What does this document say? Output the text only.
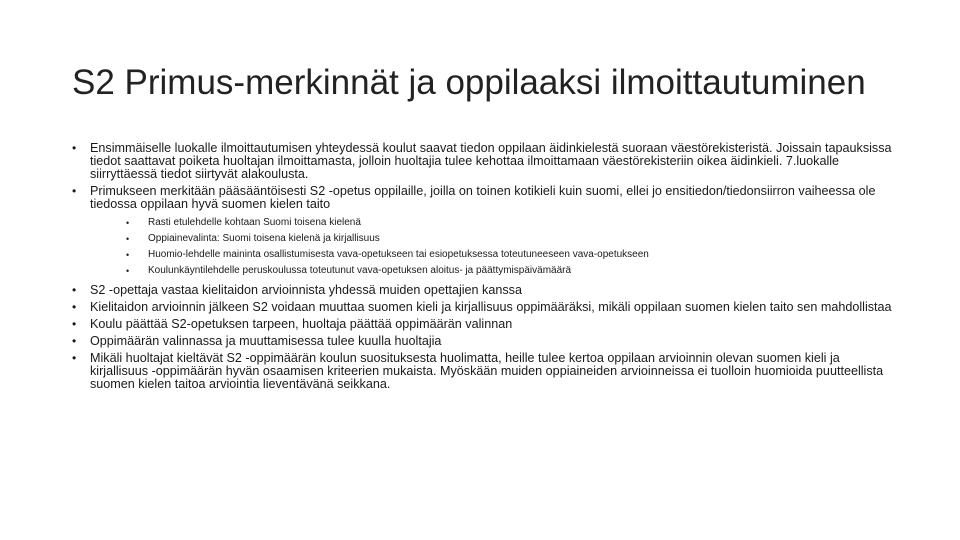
S2 Primus-merkinnät ja oppilaaksi ilmoittautuminen
• Ensimmäiselle luokalle ilmoittautumisen yhteydessä koulut saavat tiedon oppilaan äidinkielestä suoraan väestörekisteristä. Joissain tapauksissa tiedot saattavat poiketa huoltajan ilmoittamasta, jolloin huoltajia tulee kehottaa ilmoittamaan väestörekisteriin oikea äidinkieli. 7.luokalle siirryttäessä tiedot siirtyvät alakoulusta.
• Primukseen merkitään pääsääntöisesti S2 -opetus oppilaille, joilla on toinen kotikieli kuin suomi, ellei jo ensitiedon/tiedonsiirron vaiheessa ole tiedossa oppilaan hyvä suomen kielen taito
• Rasti etulehdelle kohtaan Suomi toisena kielenä
• Oppiainevalinta: Suomi toisena kielenä ja kirjallisuus
• Huomio-lehdelle maininta osallistumisesta vava-opetukseen tai esiopetuksessa toteutuneeseen vava-opetukseen
• Koulunkäyntilehdelle peruskoulussa toteutunut vava-opetuksen aloitus- ja päättymispäivämäärä
• S2 -opettaja vastaa kielitaidon arvioinnista yhdessä muiden opettajien kanssa
• Kielitaidon arvioinnin jälkeen S2 voidaan muuttaa suomen kieli ja kirjallisuus oppimääräksi, mikäli oppilaan suomen kielen taito sen mahdollistaa
• Koulu päättää S2-opetuksen tarpeen, huoltaja päättää oppimäärän valinnan
• Oppimäärän valinnassa ja muuttamisessa tulee kuulla huoltajia
• Mikäli huoltajat kieltävät S2 -oppimäärän koulun suosituksesta huolimatta, heille tulee kertoa oppilaan arvioinnin olevan suomen kieli ja kirjallisuus -oppimäärän hyvän osaamisen kriteerien mukaista. Myöskään muiden oppiaineiden arvioinneissa ei tuolloin huomioida puutteellista suomen kielen taitoa arviointia lieventävänä seikkana.
